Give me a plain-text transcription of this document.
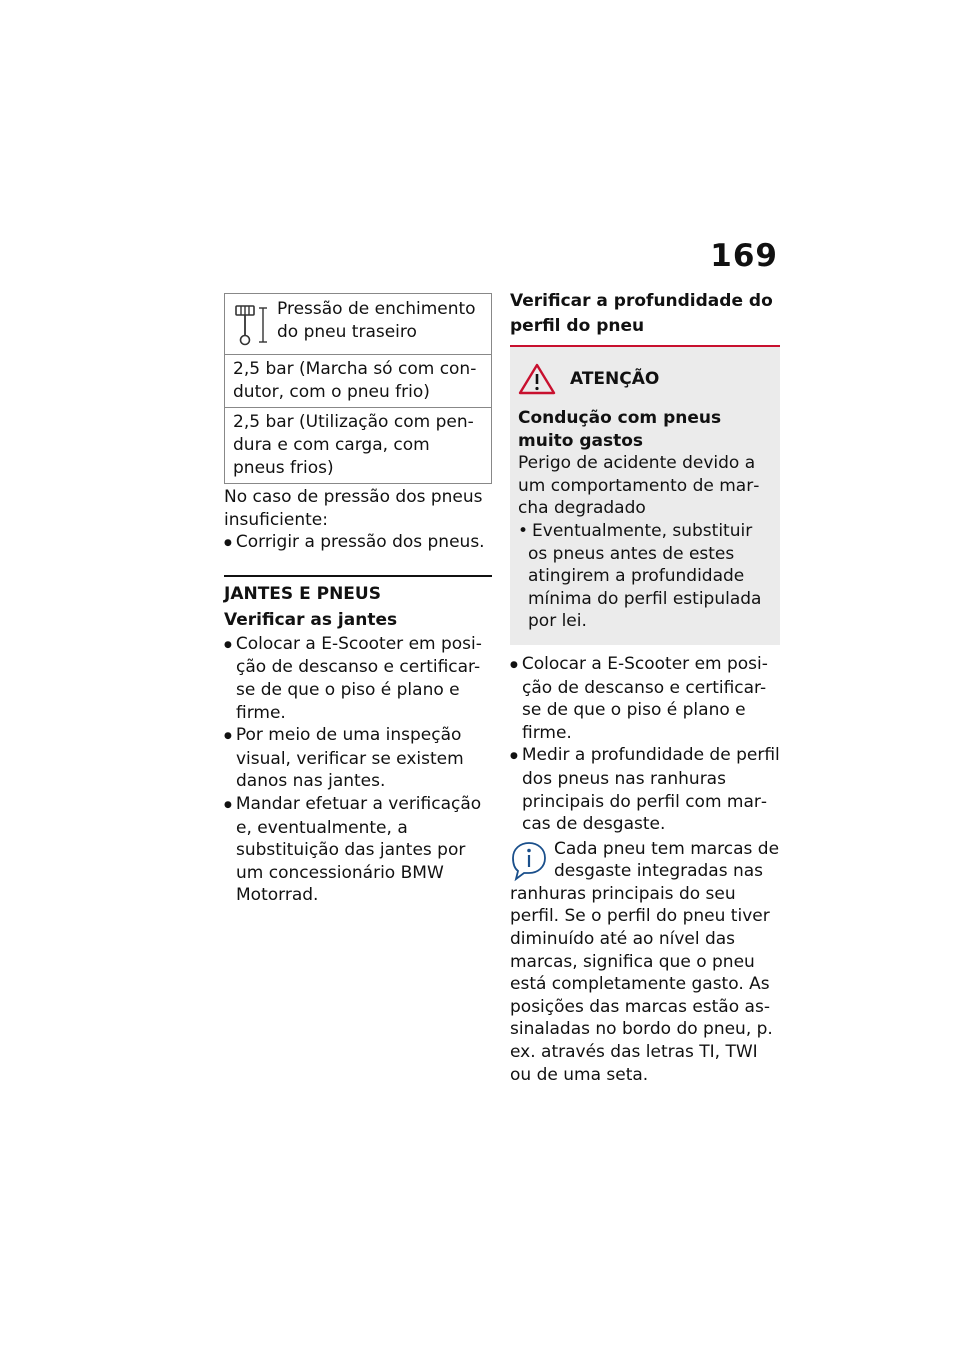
169
Pressão de enchimento do pneu traseiro
2,5 bar (Marcha só com condutor, com o pneu frio)
2,5 bar (Utilização com pendura e com carga, com pneus frios)

No caso de pressão dos pneus insuficiente:

● Corrigir a pressão dos pneus.
JANTES E PNEUS
Verificar as jantes
● Colocar a E-Scooter em posição de descanso e certificar-se de que o piso é plano e firme.
● Por meio de uma inspeção visual, verificar se existem danos nas jantes.
● Mandar efetuar a verificação e, eventualmente, a substituição das jantes por um concessionário BMW Motorrad.
Verificar a profundidade do perfil do pneu
ATENÇÃO
Condução com pneus muito gastos

Perigo de acidente devido a um comportamento de marcha degradado

• Eventualmente, substituir os pneus antes de estes atingirem a profundidade mínima do perfil estipulada por lei.
● Colocar a E-Scooter em posição de descanso e certificar-se de que o piso é plano e firme.
● Medir a profundidade de perfil dos pneus nas ranhuras principais do perfil com marcas de desgaste.
Cada pneu tem marcas de desgaste integradas nas ranhuras principais do seu perfil. Se o perfil do pneu tiver diminuído até ao nível das marcas, significa que o pneu está completamente gasto. As posições das marcas estão assinaladas no bordo do pneu, p. ex. através das letras TI, TWI ou de uma seta.
